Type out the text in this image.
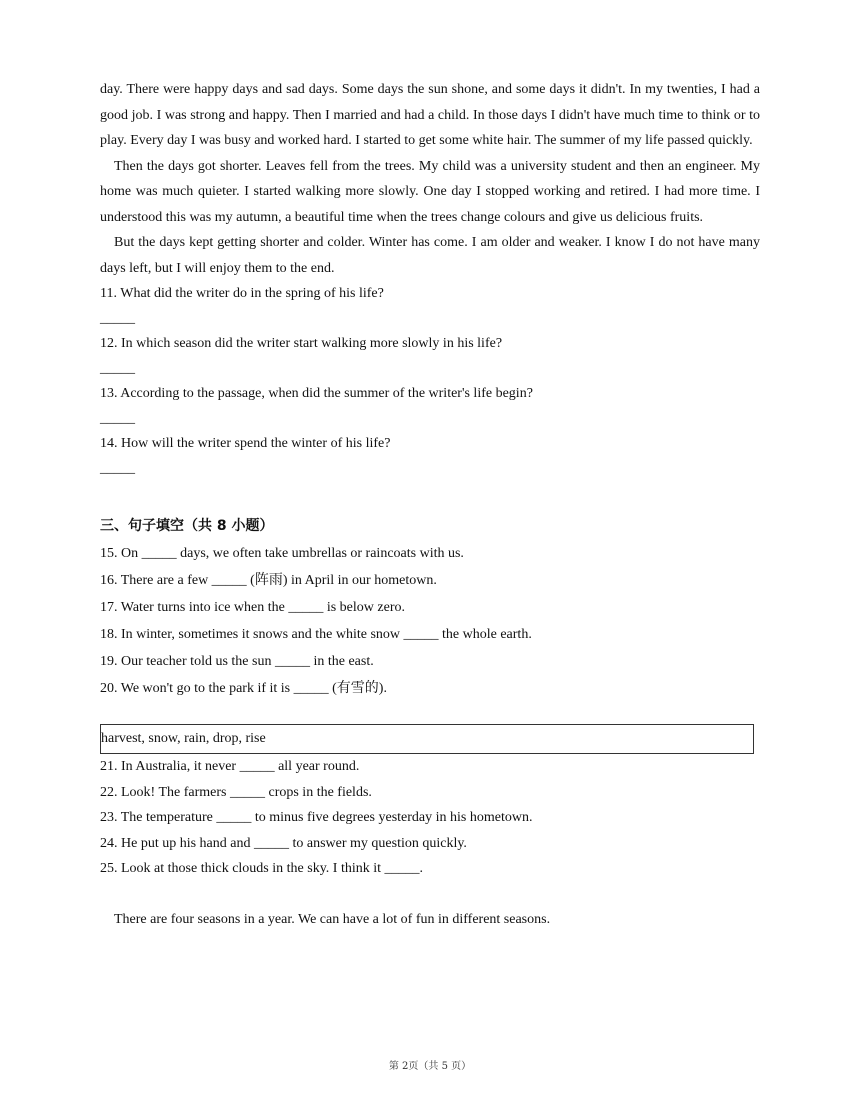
day. There were happy days and sad days. Some days the sun shone, and some days it didn't. In my twenties, I had a good job. I was strong and happy. Then I married and had a child. In those days I didn't have much time to think or to play. Every day I was busy and worked hard. I started to get some white hair. The summer of my life passed quickly.

Then the days got shorter. Leaves fell from the trees. My child was a university student and then an engineer. My home was much quieter. I started walking more slowly. One day I stopped working and retired. I had more time. I understood this was my autumn, a beautiful time when the trees change colours and give us delicious fruits.

But the days kept getting shorter and colder. Winter has come. I am older and weaker. I know I do not have many days left, but I will enjoy them to the end.

11. What did the writer do in the spring of his life?

_____

12. In which season did the writer start walking more slowly in his life?

_____

13. According to the passage, when did the summer of the writer's life begin?

_____

14. How will the writer spend the winter of his life?

_____

三、句子填空（共 8 小题）

15. On _____ days, we often take umbrellas or raincoats with us.

16. There are a few _____ (阵雨) in April in our hometown.

17. Water turns into ice when the _____ is below zero.

18. In winter, sometimes it snows and the white snow _____ the whole earth.

19. Our teacher told us the sun _____ in the east.

20. We won't go to the park if it is _____ (有雪的).

harvest, snow, rain, drop, rise

21. In Australia, it never _____ all year round.

22. Look! The farmers _____ crops in the fields.

23. The temperature _____ to minus five degrees yesterday in his hometown.

24. He put up his hand and _____ to answer my question quickly.

25. Look at those thick clouds in the sky. I think it _____.

There are four seasons in a year. We can have a lot of fun in different seasons.

第 2页（共 5 页）
